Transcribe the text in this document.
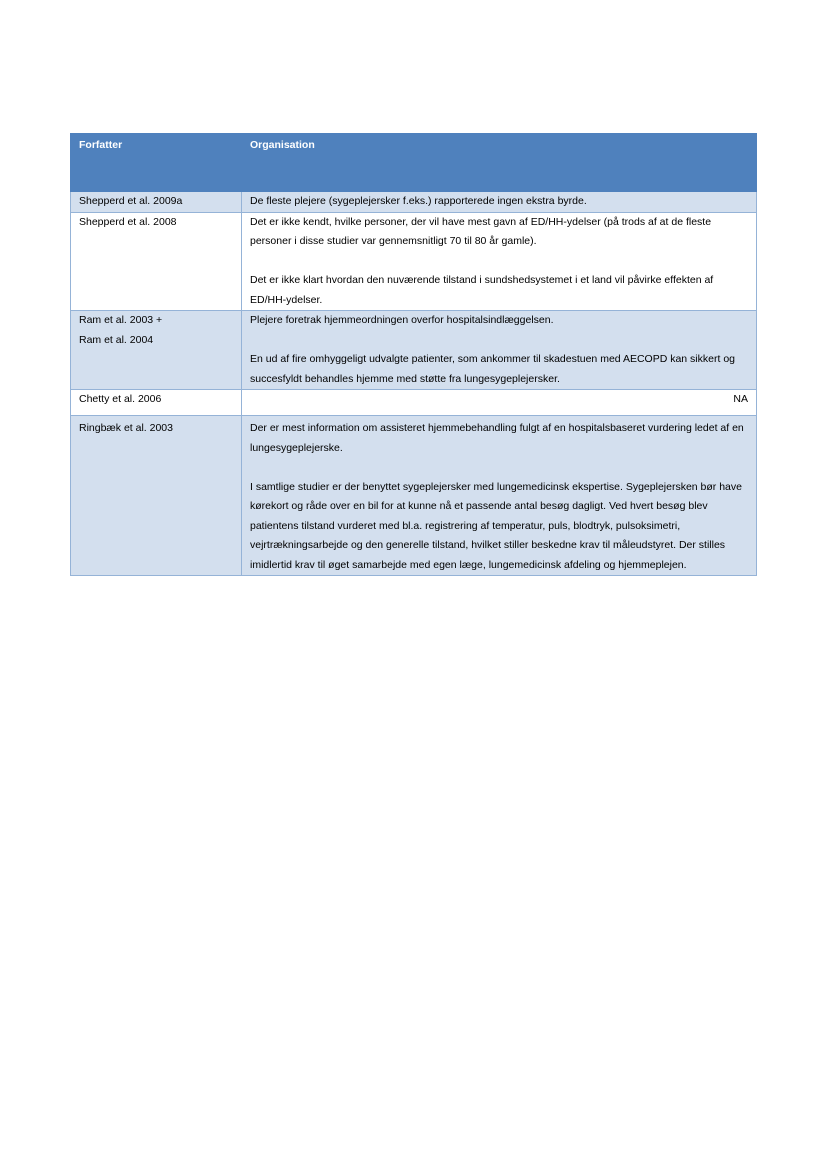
Forfatter	Organisation

Shepperd et al. 2009a	De fleste plejere (sygeplejersker f.eks.) rapporterede ingen ekstra byrde.

Shepperd et al. 2008	Det er ikke kendt, hvilke personer, der vil have mest gavn af ED/HH-ydelser (på trods af at de fleste personer i disse studier var gennemsnitligt 70 til 80 år gamle).
Det er ikke klart hvordan den nuværende tilstand i sundshedsystemet i et land vil påvirke effekten af ED/HH-ydelser.

Ram et al. 2003 +
Ram et al. 2004	Plejere foretrak hjemmeordningen overfor hospitalsindlæggelsen.
En ud af fire omhyggeligt udvalgte patienter, som ankommer til skadestuen med AECOPD kan sikkert og succesfyldt behandles hjemme med støtte fra lungesygeplejersker.

Chetty et al. 2006	NA

Ringbæk et al. 2003	Der er mest information om assisteret hjemmebehandling fulgt af en hospitalsbaseret vurdering ledet af en lungesygeplejerske.
I samtlige studier er der benyttet sygeplejersker med lungemedicinsk ekspertise. Sygeplejersken bør have kørekort og råde over en bil for at kunne nå et passende antal besøg dagligt. Ved hvert besøg blev patientens tilstand vurderet med bl.a. registrering af temperatur, puls, blodtryk, pulsoksimetri, vejrtrækningsarbejde og den generelle tilstand, hvilket stiller beskedne krav til måleudstyret. Der stilles imidlertid krav til øget samarbejde med egen læge, lungemedicinsk afdeling og hjemmeplejen.
